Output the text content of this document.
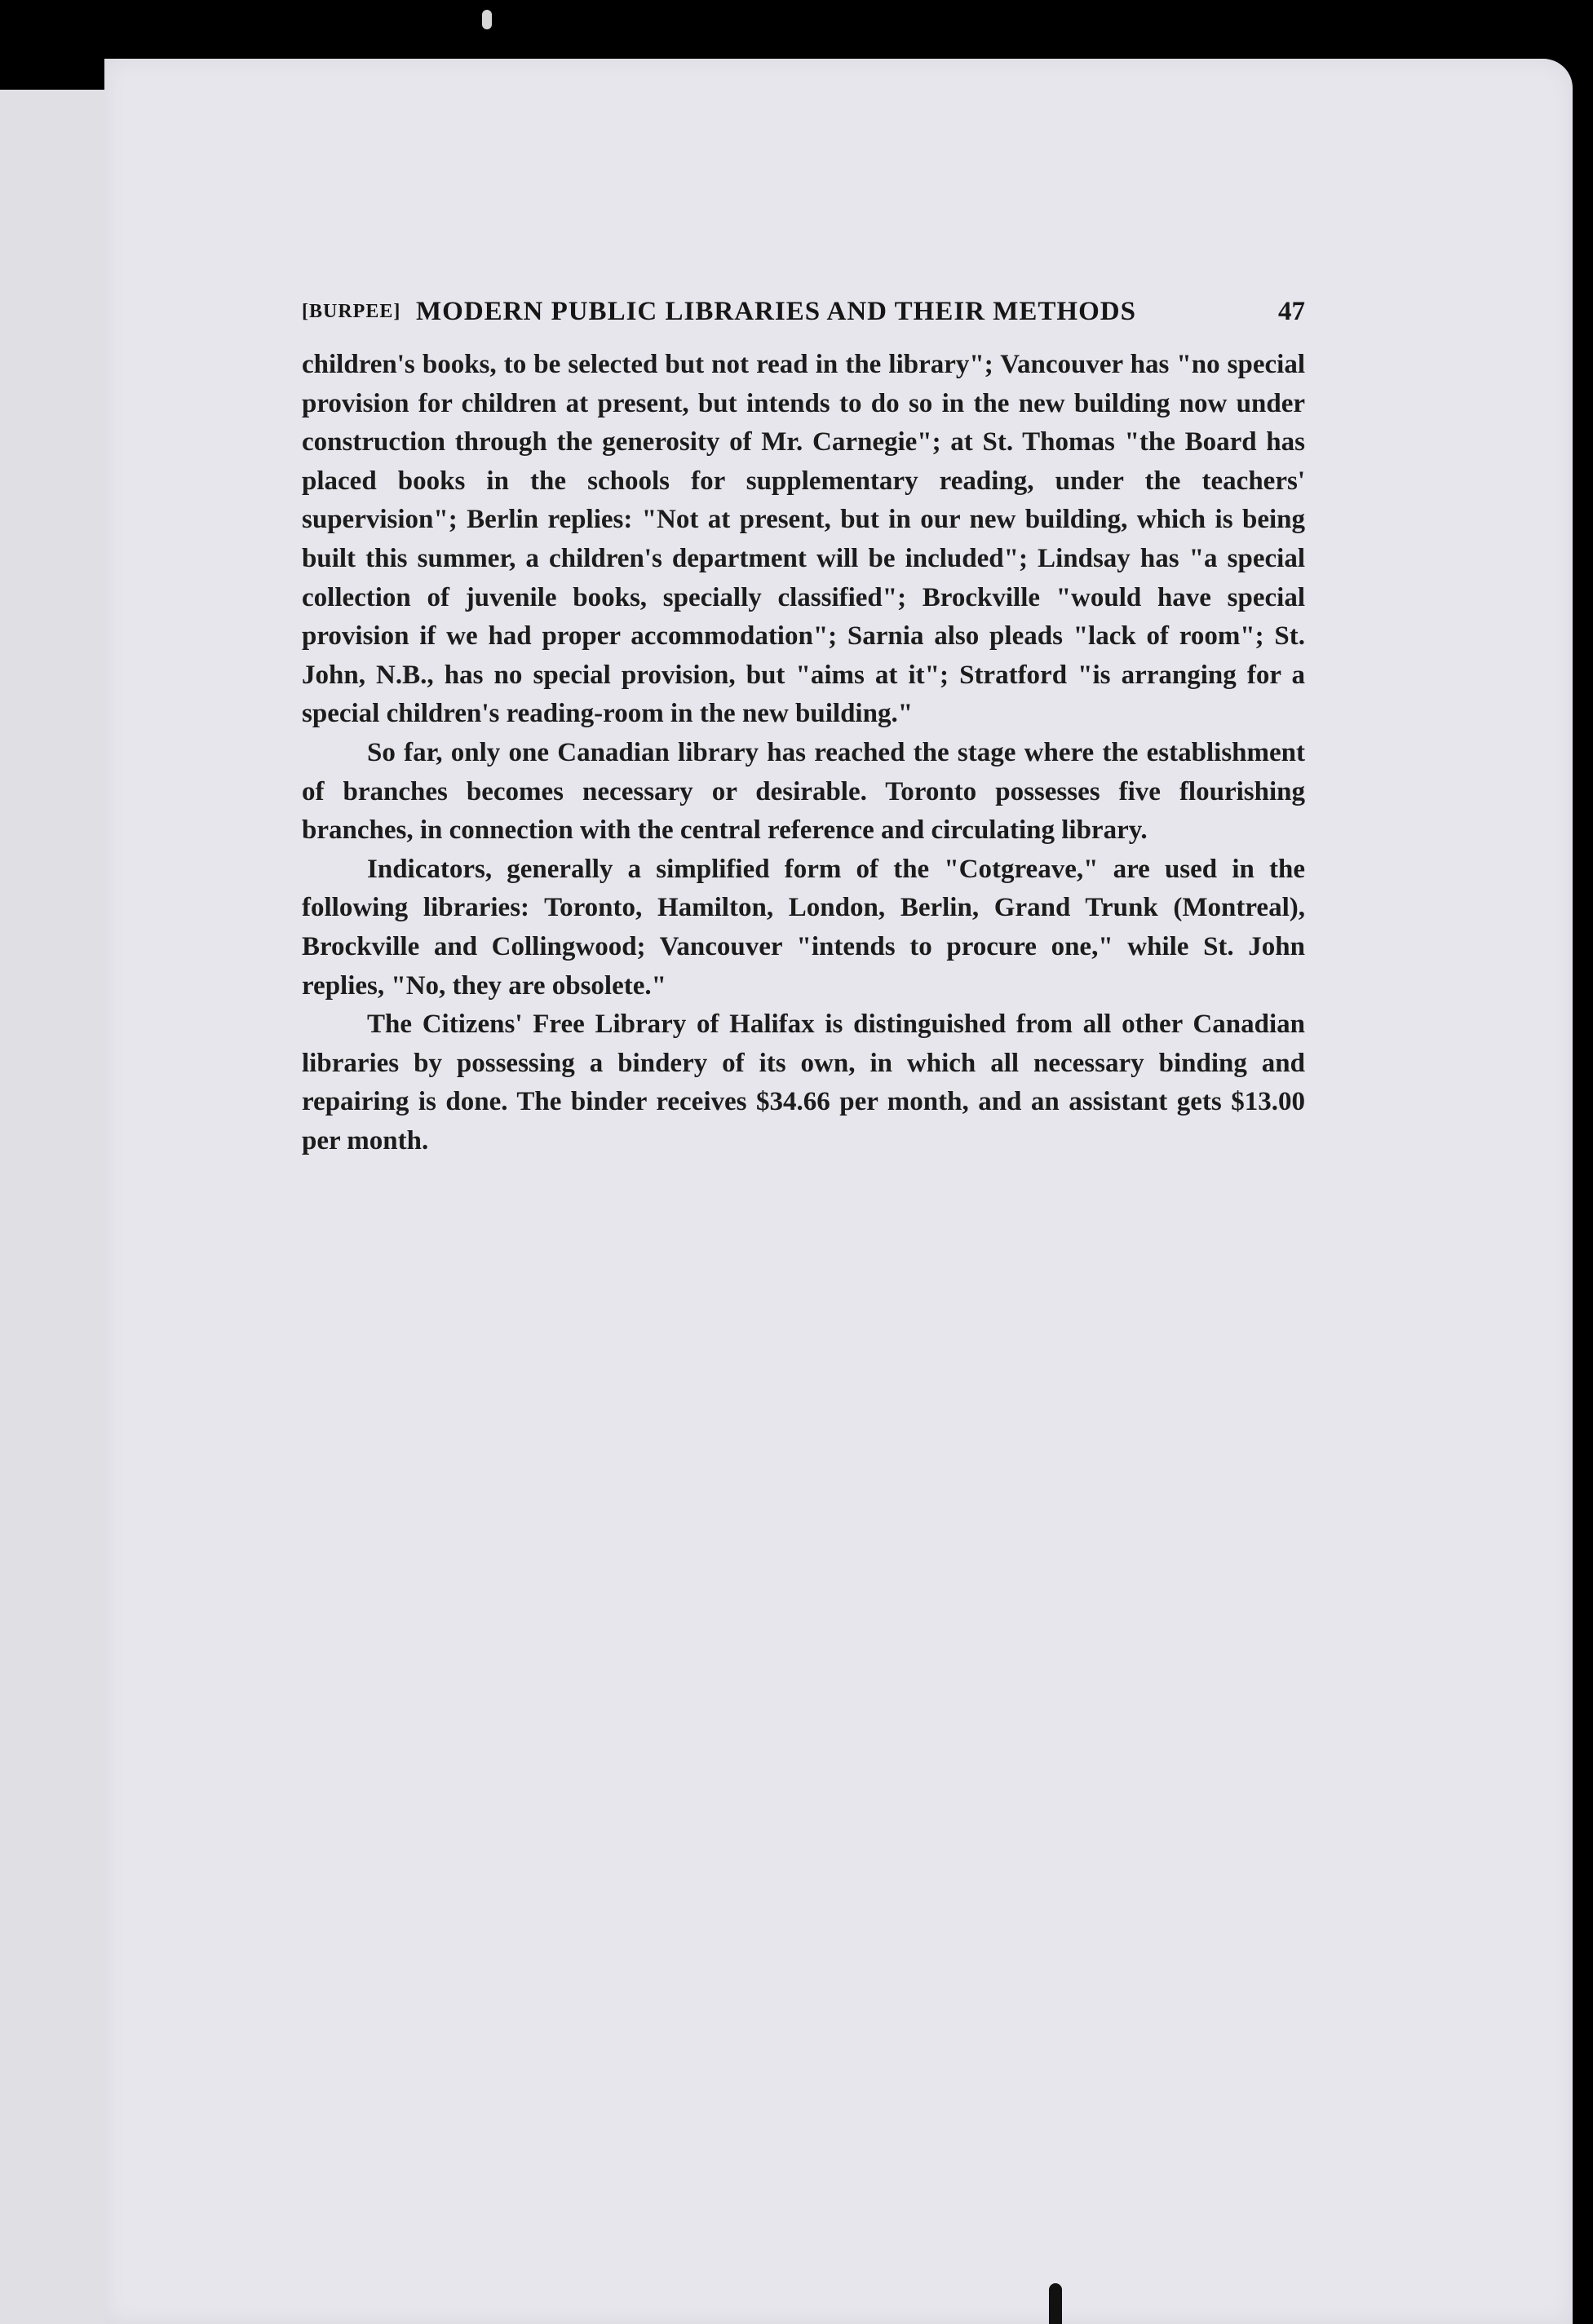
[BURPEE] MODERN PUBLIC LIBRARIES AND THEIR METHODS	47

children's books, to be selected but not read in the library"; Vancouver has "no special provision for children at present, but intends to do so in the new building now under construction through the generosity of Mr. Carnegie"; at St. Thomas "the Board has placed books in the schools for supplementary reading, under the teachers' supervision"; Berlin replies: "Not at present, but in our new building, which is being built this summer, a children's department will be included"; Lindsay has "a special collection of juvenile books, specially classified"; Brockville "would have special provision if we had proper accommodation"; Sarnia also pleads "lack of room"; St. John, N.B., has no special provision, but "aims at it"; Stratford "is arranging for a special children's reading-room in the new building."

So far, only one Canadian library has reached the stage where the establishment of branches becomes necessary or desirable. Toronto possesses five flourishing branches, in connection with the central reference and circulating library.

Indicators, generally a simplified form of the "Cotgreave," are used in the following libraries: Toronto, Hamilton, London, Berlin, Grand Trunk (Montreal), Brockville and Collingwood; Vancouver "intends to procure one," while St. John replies, "No, they are obsolete."

The Citizens' Free Library of Halifax is distinguished from all other Canadian libraries by possessing a bindery of its own, in which all necessary binding and repairing is done. The binder receives $34.66 per month, and an assistant gets $13.00 per month.
